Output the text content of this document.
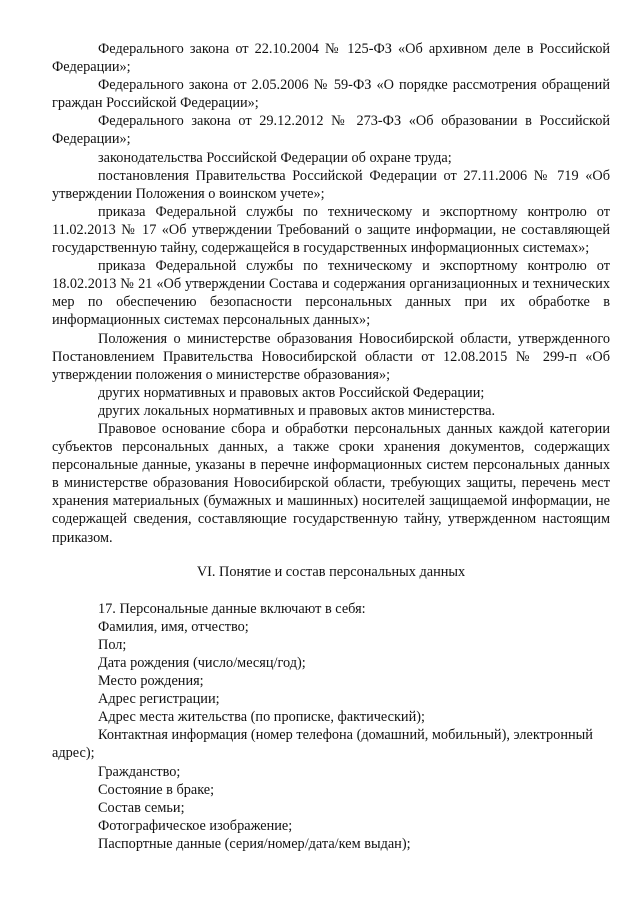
Федерального закона от 22.10.2004 № 125-ФЗ «Об архивном деле в Российской Федерации»;

Федерального закона от 2.05.2006 № 59-ФЗ «О порядке рассмотрения обращений граждан Российской Федерации»;

Федерального закона от 29.12.2012 № 273-ФЗ «Об образовании в Российской Федерации»;

законодательства Российской Федерации об охране труда;

постановления Правительства Российской Федерации от 27.11.2006 № 719 «Об утверждении Положения о воинском учете»;

приказа Федеральной службы по техническому и экспортному контролю от 11.02.2013 № 17 «Об утверждении Требований о защите информации, не составляющей государственную тайну, содержащейся в государственных информационных системах»;

приказа Федеральной службы по техническому и экспортному контролю от 18.02.2013 № 21 «Об утверждении Состава и содержания организационных и технических мер по обеспечению безопасности персональных данных при их обработке в информационных системах персональных данных»;

Положения о министерстве образования Новосибирской области, утвержденного Постановлением Правительства Новосибирской области от 12.08.2015 № 299-п «Об утверждении положения о министерстве образования»;

других нормативных и правовых актов Российской Федерации;

других локальных нормативных и правовых актов министерства.

Правовое основание сбора и обработки персональных данных каждой категории субъектов персональных данных, а также сроки хранения документов, содержащих персональные данные, указаны в перечне информационных систем персональных данных в министерстве образования Новосибирской области, требующих защиты, перечень мест хранения материальных (бумажных и машинных) носителей защищаемой информации, не содержащей сведения, составляющие государственную тайну, утвержденном настоящим приказом.

VI. Понятие и состав персональных данных

17. Персональные данные включают в себя:

Фамилия, имя, отчество;

Пол;

Дата рождения (число/месяц/год);

Место рождения;

Адрес регистрации;

Адрес места жительства (по прописке, фактический);

Контактная информация (номер телефона (домашний, мобильный), электронный адрес);

Гражданство;

Состояние в браке;

Состав семьи;

Фотографическое изображение;

Паспортные данные (серия/номер/дата/кем выдан);
